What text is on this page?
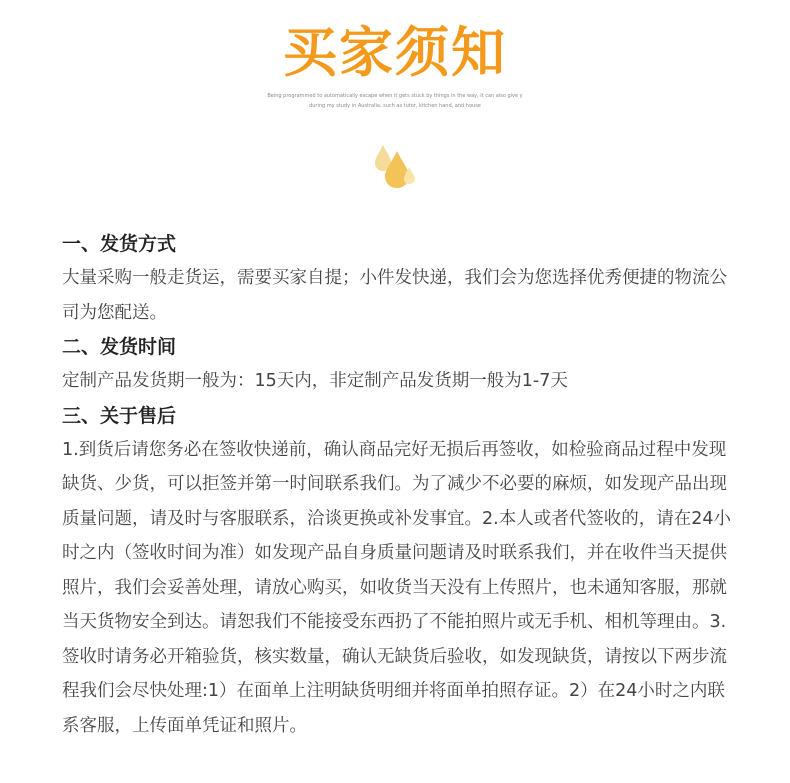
买家须知
Being programmed to automatically escape when it gets stuck by things in the way, it can also give y
during my study in Australia, such as tutor, kitchen hand, and house

一、发货方式

大量采购一般走货运，需要买家自提；小件发快递，我们会为您选择优秀便捷的物流公司为您配送。

二、发货时间

定制产品发货期一般为：15天内，非定制产品发货期一般为1-7天

三、关于售后

1.到货后请您务必在签收快递前，确认商品完好无损后再签收，如检验商品过程中发现缺货、少货，可以拒签并第一时间联系我们。为了减少不必要的麻烦，如发现产品出现质量问题，请及时与客服联系，洽谈更换或补发事宜。2.本人或者代签收的，请在24小时之内（签收时间为准）如发现产品自身质量问题请及时联系我们，并在收件当天提供照片，我们会妥善处理，请放心购买，如收货当天没有上传照片，也未通知客服，那就当天货物安全到达。请恕我们不能接受东西扔了不能拍照片或无手机、相机等理由。3.签收时请务必开箱验货，核实数量，确认无缺货后验收，如发现缺货，请按以下两步流程我们会尽快处理:1）在面单上注明缺货明细并将面单拍照存证。2）在24小时之内联系客服，上传面单凭证和照片。
